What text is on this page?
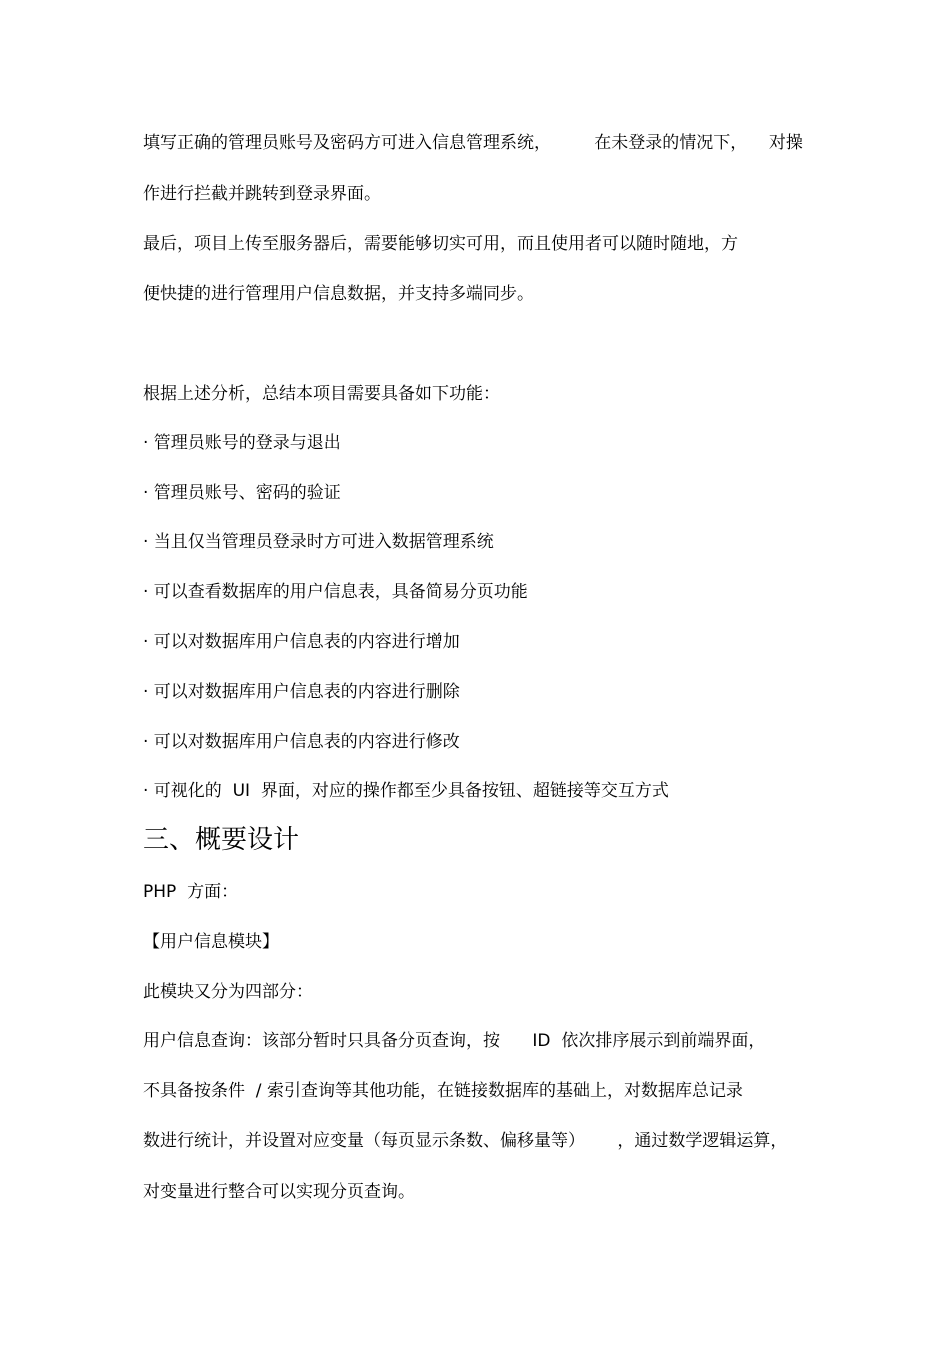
填写正确的管理员账号及密码方可进入信息管理系统，        在未登录的情况下，    对操
作进行拦截并跳转到登录界面。
最后，项目上传至服务器后，需要能够切实可用，而且使用者可以随时随地，方
便快捷的进行管理用户信息数据，并支持多端同步。
根据上述分析，总结本项目需要具备如下功能：
· 管理员账号的登录与退出
· 管理员账号、密码的验证
· 当且仅当管理员登录时方可进入数据管理系统
· 可以查看数据库的用户信息表，具备简易分页功能
· 可以对数据库用户信息表的内容进行增加
· 可以对数据库用户信息表的内容进行删除
· 可以对数据库用户信息表的内容进行修改
· 可视化的  UI  界面，对应的操作都至少具备按钮、超链接等交互方式
三、概要设计
PHP  方面：
【用户信息模块】
此模块又分为四部分：
用户信息查询：该部分暂时只具备分页查询，按      ID  依次排序展示到前端界面，
不具备按条件  / 索引查询等其他功能，在链接数据库的基础上，对数据库总记录
数进行统计，并设置对应变量（每页显示条数、偏移量等）      ，通过数学逻辑运算，
对变量进行整合可以实现分页查询。
